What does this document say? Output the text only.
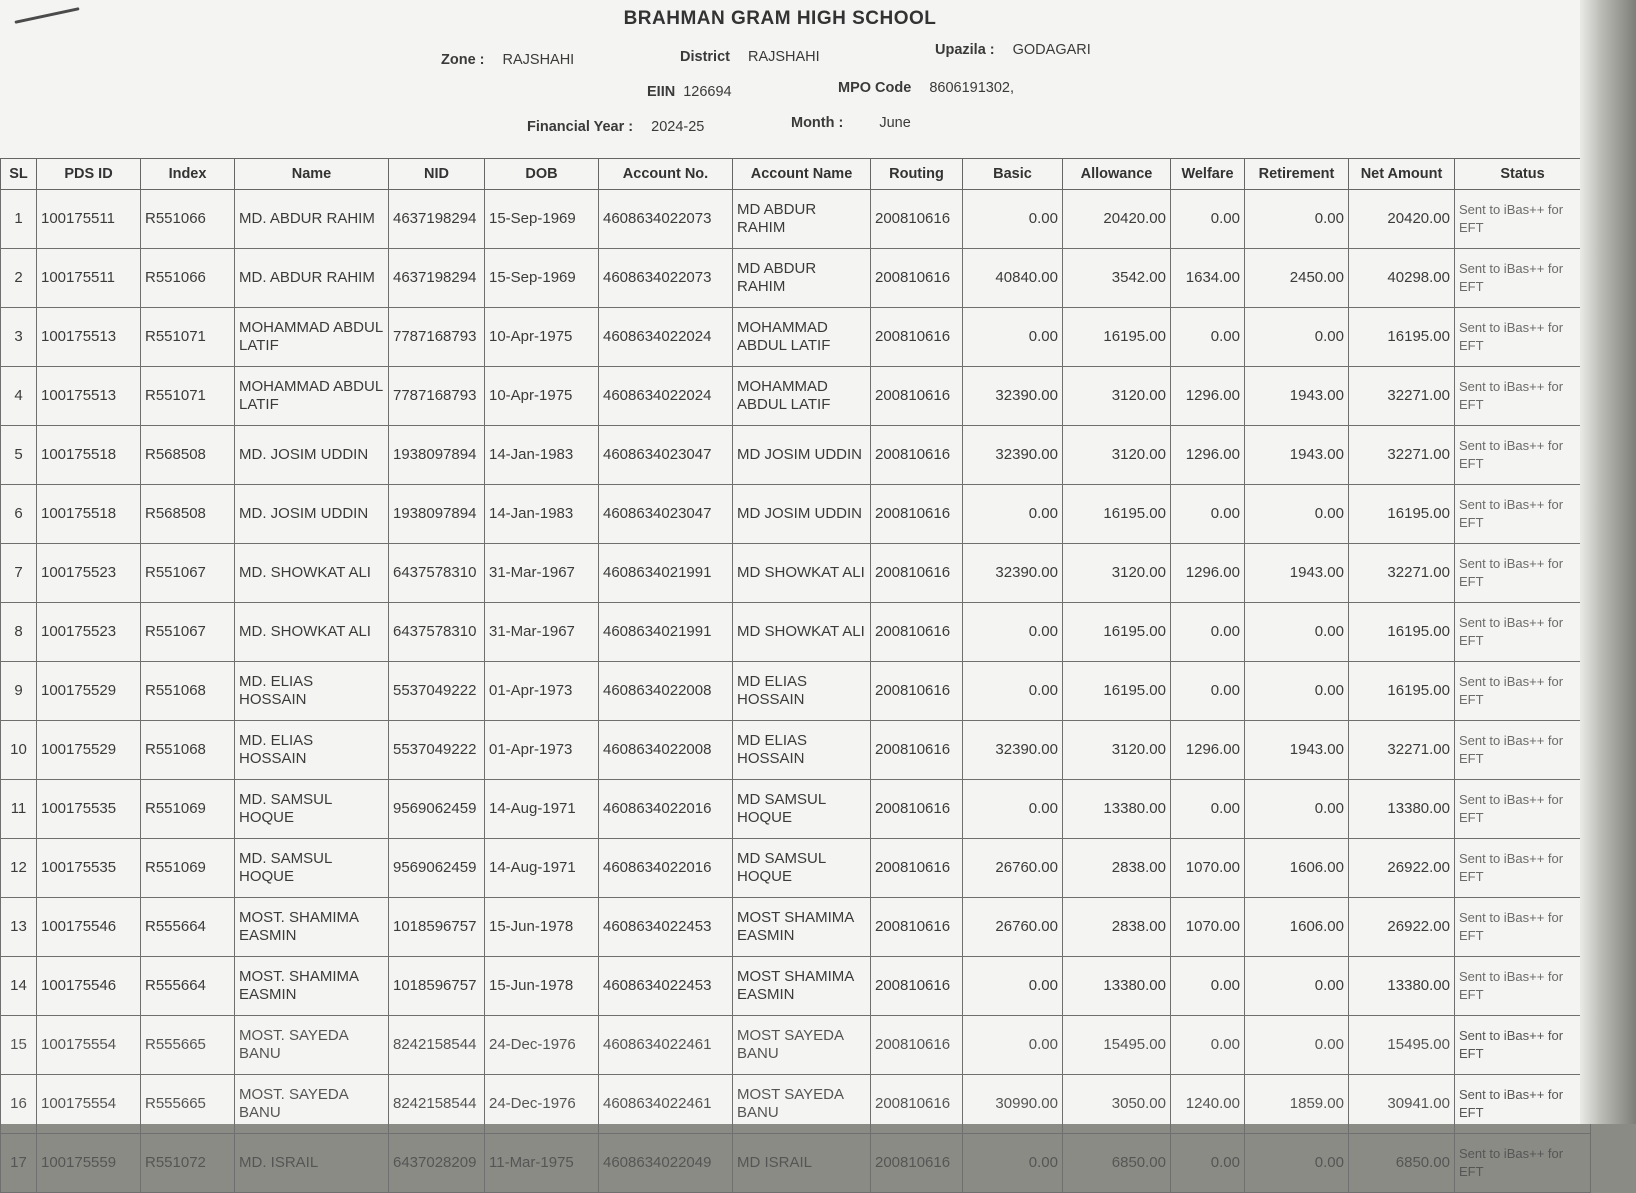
BRAHMAN GRAM HIGH SCHOOL
Zone : RAJSHAHI	District RAJSHAHI	Upazila : GODAGARI
EIIN 126694	MPO Code 8606191302,
Financial Year : 2024-25	Month : June
SL	PDS ID	Index	Name	NID	DOB	Account No.	Account Name	Routing	Basic	Allowance	Welfare	Retirement	Net Amount	Status
1	100175511	R551066	MD. ABDUR RAHIM	4637198294	15-Sep-1969	4608634022073	MD ABDUR RAHIM	200810616	0.00	20420.00	0.00	0.00	20420.00	Sent to iBas++ for EFT
2	100175511	R551066	MD. ABDUR RAHIM	4637198294	15-Sep-1969	4608634022073	MD ABDUR RAHIM	200810616	40840.00	3542.00	1634.00	2450.00	40298.00	Sent to iBas++ for EFT
3	100175513	R551071	MOHAMMAD ABDUL LATIF	7787168793	10-Apr-1975	4608634022024	MOHAMMAD ABDUL LATIF	200810616	0.00	16195.00	0.00	0.00	16195.00	Sent to iBas++ for EFT
4	100175513	R551071	MOHAMMAD ABDUL LATIF	7787168793	10-Apr-1975	4608634022024	MOHAMMAD ABDUL LATIF	200810616	32390.00	3120.00	1296.00	1943.00	32271.00	Sent to iBas++ for EFT
5	100175518	R568508	MD. JOSIM UDDIN	1938097894	14-Jan-1983	4608634023047	MD JOSIM UDDIN	200810616	32390.00	3120.00	1296.00	1943.00	32271.00	Sent to iBas++ for EFT
6	100175518	R568508	MD. JOSIM UDDIN	1938097894	14-Jan-1983	4608634023047	MD JOSIM UDDIN	200810616	0.00	16195.00	0.00	0.00	16195.00	Sent to iBas++ for EFT
7	100175523	R551067	MD. SHOWKAT ALI	6437578310	31-Mar-1967	4608634021991	MD SHOWKAT ALI	200810616	32390.00	3120.00	1296.00	1943.00	32271.00	Sent to iBas++ for EFT
8	100175523	R551067	MD. SHOWKAT ALI	6437578310	31-Mar-1967	4608634021991	MD SHOWKAT ALI	200810616	0.00	16195.00	0.00	0.00	16195.00	Sent to iBas++ for EFT
9	100175529	R551068	MD. ELIAS HOSSAIN	5537049222	01-Apr-1973	4608634022008	MD ELIAS HOSSAIN	200810616	0.00	16195.00	0.00	0.00	16195.00	Sent to iBas++ for EFT
10	100175529	R551068	MD. ELIAS HOSSAIN	5537049222	01-Apr-1973	4608634022008	MD ELIAS HOSSAIN	200810616	32390.00	3120.00	1296.00	1943.00	32271.00	Sent to iBas++ for EFT
11	100175535	R551069	MD. SAMSUL HOQUE	9569062459	14-Aug-1971	4608634022016	MD SAMSUL HOQUE	200810616	0.00	13380.00	0.00	0.00	13380.00	Sent to iBas++ for EFT
12	100175535	R551069	MD. SAMSUL HOQUE	9569062459	14-Aug-1971	4608634022016	MD SAMSUL HOQUE	200810616	26760.00	2838.00	1070.00	1606.00	26922.00	Sent to iBas++ for EFT
13	100175546	R555664	MOST. SHAMIMA EASMIN	1018596757	15-Jun-1978	4608634022453	MOST SHAMIMA EASMIN	200810616	26760.00	2838.00	1070.00	1606.00	26922.00	Sent to iBas++ for EFT
14	100175546	R555664	MOST. SHAMIMA EASMIN	1018596757	15-Jun-1978	4608634022453	MOST SHAMIMA EASMIN	200810616	0.00	13380.00	0.00	0.00	13380.00	Sent to iBas++ for EFT
15	100175554	R555665	MOST. SAYEDA BANU	8242158544	24-Dec-1976	4608634022461	MOST SAYEDA BANU	200810616	0.00	15495.00	0.00	0.00	15495.00	Sent to iBas++ for EFT
16	100175554	R555665	MOST. SAYEDA BANU	8242158544	24-Dec-1976	4608634022461	MOST SAYEDA BANU	200810616	30990.00	3050.00	1240.00	1859.00	30941.00	Sent to iBas++ for EFT
17	100175559	R551072	MD. ISRAIL	6437028209	11-Mar-1975	4608634022049	MD ISRAIL	200810616	0.00	6850.00	0.00	0.00	6850.00	Sent to iBas++ for EFT
